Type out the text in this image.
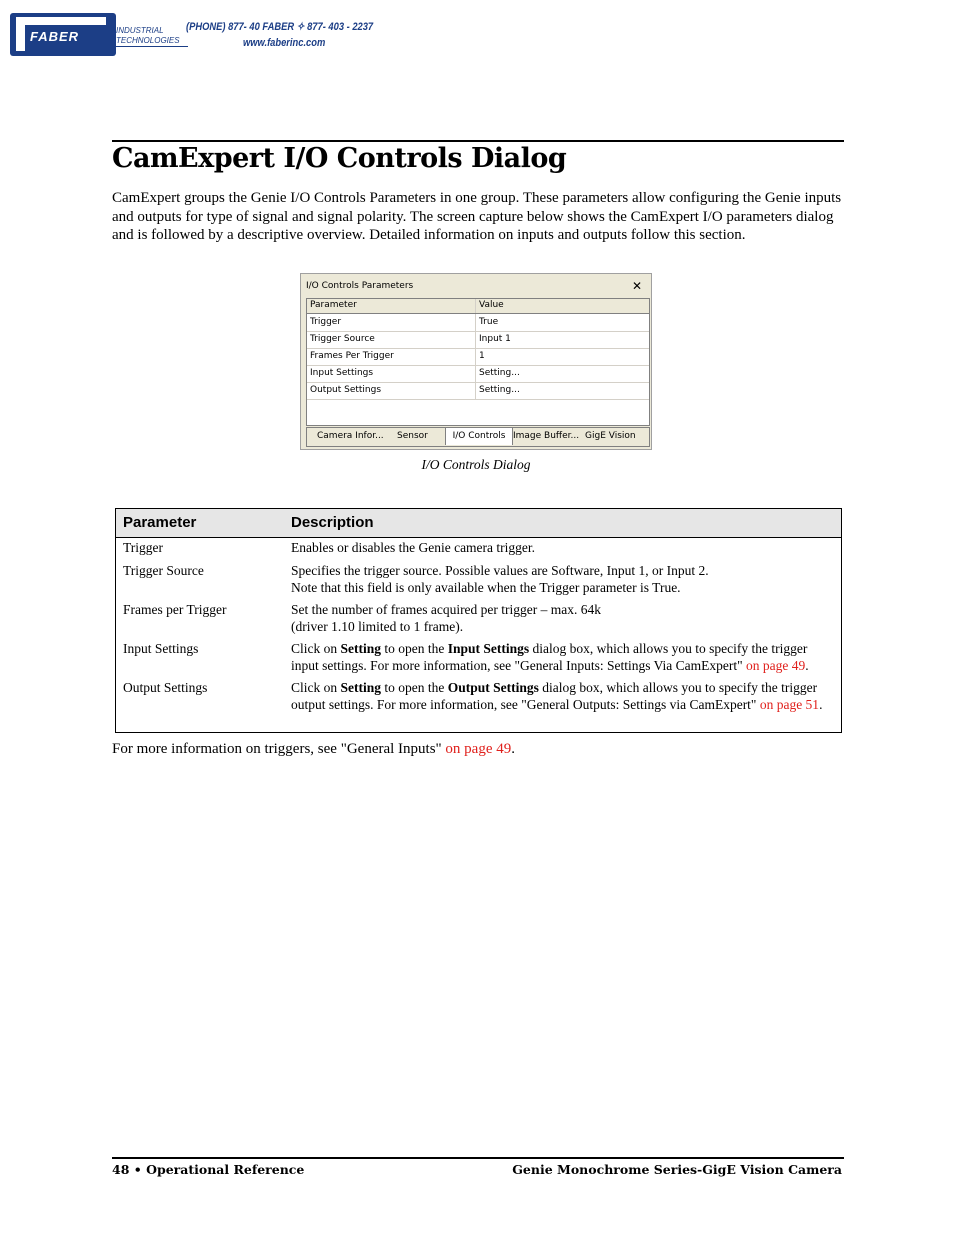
FABER	INDUSTRIAL
TECHNOLOGIES
(PHONE) 877- 40 FABER ✧ 877- 403 - 2237
www.faberinc.com
CamExpert I/O Controls Dialog

CamExpert groups the Genie I/O Controls Parameters in one group. These parameters allow configuring the Genie inputs and outputs for type of signal and signal polarity. The screen capture below shows the CamExpert I/O parameters dialog and is followed by a descriptive overview. Detailed information on inputs and outputs follow this section.

I/O Controls Parameters	✕
Parameter	Value
Trigger	True
Trigger Source	Input 1
Frames Per Trigger	1
Input Settings	Setting...
Output Settings	Setting...
Camera Infor... Sensor	I/O Controls Image Buffer... GigE Vision
I/O Controls Dialog
Parameter	Description
Trigger	Enables or disables the Genie camera trigger.
Trigger Source	Specifies the trigger source. Possible values are Software, Input 1, or Input 2.
Note that this field is only available when the Trigger parameter is True.
Frames per Trigger	Set the number of frames acquired per trigger – max. 64k
(driver 1.10 limited to 1 frame).
Input Settings	Click on Setting to open the Input Settings dialog box, which allows you to specify the trigger input settings. For more information, see "General Inputs: Settings Via CamExpert" on page 49.
Output Settings	Click on Setting to open the Output Settings dialog box, which allows you to specify the trigger output settings. For more information, see "General Outputs: Settings via CamExpert" on page 51.
For more information on triggers, see "General Inputs" on page 49.
48 • Operational Reference	Genie Monochrome Series-GigE Vision Camera
